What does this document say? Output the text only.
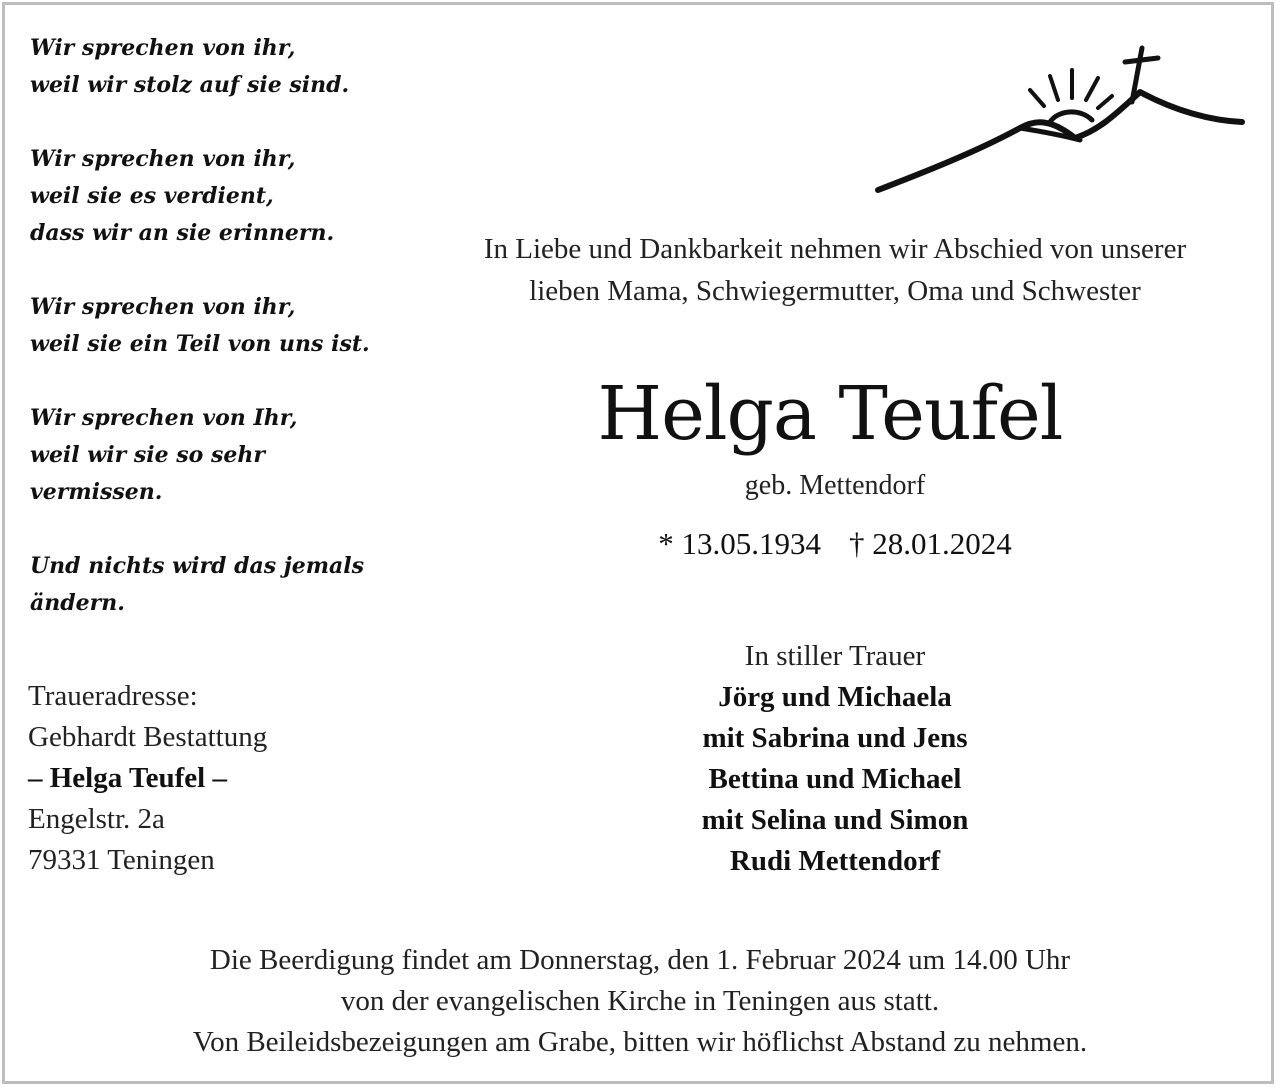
Wir sprechen von ihr,
weil wir stolz auf sie sind.
Wir sprechen von ihr,
weil sie es verdient,
dass wir an sie erinnern.
Wir sprechen von ihr,
weil sie ein Teil von uns ist.
Wir sprechen von Ihr,
weil wir sie so sehr
vermissen.
Und nichts wird das jemals
ändern.
Traueradresse:
Gebhardt Bestattung
– Helga Teufel –
Engelstr. 2a
79331 Teningen
In Liebe und Dankbarkeit nehmen wir Abschied von unserer
lieben Mama, Schwiegermutter, Oma und Schwester
Helga Teufel
geb. Mettendorf
* 13.05.1934 † 28.01.2024
In stiller Trauer
Jörg und Michaela
mit Sabrina und Jens
Bettina und Michael
mit Selina und Simon
Rudi Mettendorf
Die Beerdigung findet am Donnerstag, den 1. Februar 2024 um 14.00 Uhr
von der evangelischen Kirche in Teningen aus statt.
Von Beileidsbezeigungen am Grabe, bitten wir höflichst Abstand zu nehmen.
